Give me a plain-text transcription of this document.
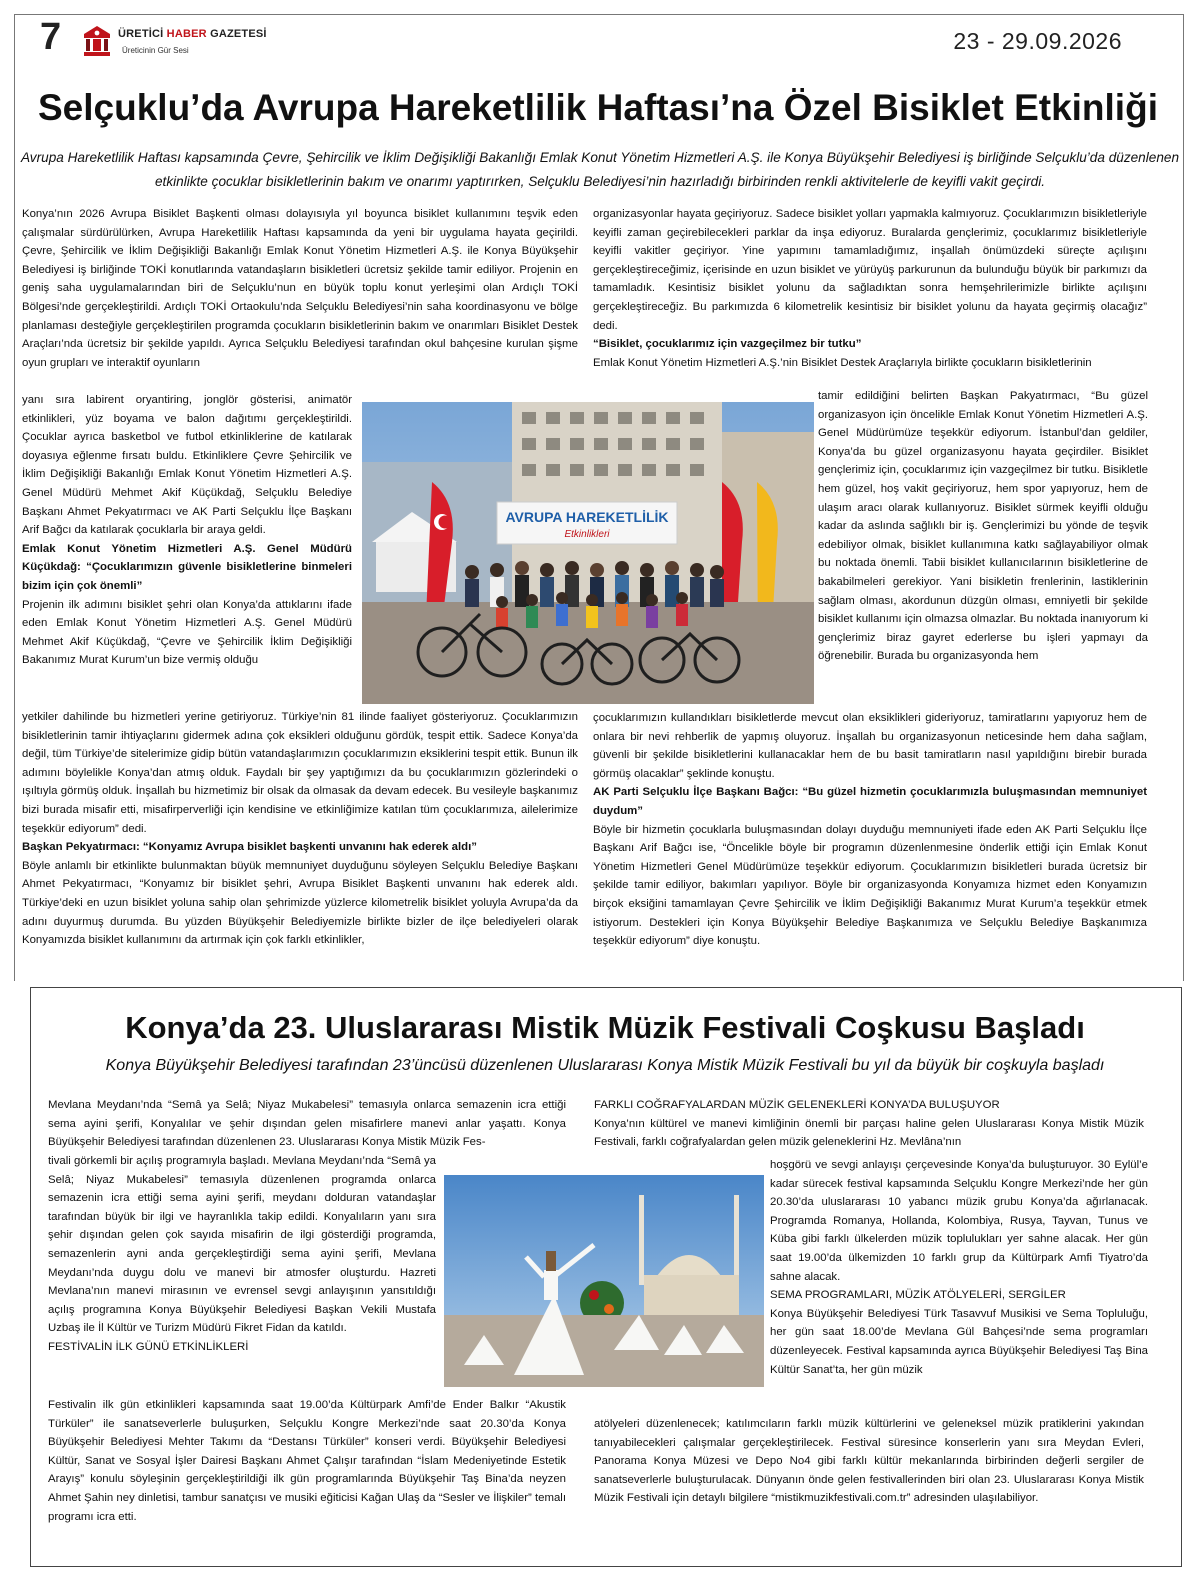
7	ÜRETİCİ HABER GAZETESİ
Üreticinin Gür Sesi	23 - 29.09.2026
Selçuklu’da Avrupa Hareketlilik Haftası’na Özel Bisiklet Etkinliği
Avrupa Hareketlilik Haftası kapsamında Çevre, Şehircilik ve İklim Değişikliği Bakanlığı Emlak Konut Yönetim Hizmetleri A.Ş. ile Konya Büyükşehir Belediyesi iş birliğinde Selçuklu’da düzenlenen etkinlikte çocuklar bisikletlerinin bakım ve onarımı yaptırırken, Selçuklu Belediyesi’nin hazırladığı birbirinden renkli aktivitelerle de keyifli vakit geçirdi.

Konya’nın 2026 Avrupa Bisiklet Başkenti olması dolayısıyla yıl boyunca bisiklet kullanımını teşvik eden çalışmalar sürdürülürken, Avrupa Hareketlilik Haftası kapsamında da yeni bir uygulama hayata geçirildi. Çevre, Şehircilik ve İklim Değişikliği Bakanlığı Emlak Konut Yönetim Hizmetleri A.Ş. ile Konya Büyükşehir Belediyesi iş birliğinde TOKİ konutlarında vatandaşların bisikletleri ücretsiz şekilde tamir ediliyor. Projenin en geniş saha uygulamalarından biri de Selçuklu’nun en büyük toplu konut yerleşimi olan Ardıçlı TOKİ Bölgesi’nde gerçekleştirildi. Ardıçlı TOKİ Ortaokulu’nda Selçuklu Belediyesi’nin saha koordinasyonu ve bölge planlaması desteğiyle gerçekleştirilen programda çocukların bisikletlerinin bakım ve onarımları Bisiklet Destek Araçları’nda ücretsiz bir şekilde yapıldı. Ayrıca Selçuklu Belediyesi tarafından okul bahçesine kurulan şişme oyun grupları ve interaktif oyunların

yanı sıra labirent oryantiring, jonglör gösterisi, animatör etkinlikleri, yüz boyama ve balon dağıtımı gerçekleştirildi. Çocuklar ayrıca basketbol ve futbol etkinliklerine de katılarak doyasıya eğlenme fırsatı buldu. Etkinliklere Çevre Şehircilik ve İklim Değişikliği Bakanlığı Emlak Konut Yönetim Hizmetleri A.Ş. Genel Müdürü Mehmet Akif Küçükdağ, Selçuklu Belediye Başkanı Ahmet Pekyatırmacı ve AK Parti Selçuklu İlçe Başkanı Arif Bağcı da katılarak çocuklarla bir araya geldi.

Emlak Konut Yönetim Hizmetleri A.Ş. Genel Müdürü Küçükdağ: “Çocuklarımızın güvenle bisikletlerine binmeleri bizim için çok önemli”

Projenin ilk adımını bisiklet şehri olan Konya’da attıklarını ifade eden Emlak Konut Yönetim Hizmetleri A.Ş. Genel Müdürü Mehmet Akif Küçükdağ, “Çevre ve Şehircilik İklim Değişikliği Bakanımız Murat Kurum’un bize vermiş olduğu

yetkiler dahilinde bu hizmetleri yerine getiriyoruz. Türkiye’nin 81 ilinde faaliyet gösteriyoruz. Çocuklarımızın bisikletlerinin tamir ihtiyaçlarını gidermek adına çok eksikleri olduğunu gördük, tespit ettik. Sadece Konya’da değil, tüm Türkiye’de sitelerimize gidip bütün vatandaşlarımızın çocuklarımızın eksiklerini tespit ettik. Bunun ilk adımını böylelikle Konya’dan atmış olduk. Faydalı bir şey yaptığımızı da bu çocuklarımızın gözlerindeki o ışıltıyla görmüş olduk. İnşallah bu hizmetimiz bir olsak da olmasak da devam edecek. Bu vesileyle başkanımız bizi burada misafir etti, misafirperverliği için kendisine ve etkinliğimize katılan tüm çocuklarımıza, ailelerimize teşekkür ediyorum” dedi.

Başkan Pekyatırmacı: “Konyamız Avrupa bisiklet başkenti unvanını hak ederek aldı”

Böyle anlamlı bir etkinlikte bulunmaktan büyük memnuniyet duyduğunu söyleyen Selçuklu Belediye Başkanı Ahmet Pekyatırmacı, “Konyamız bir bisiklet şehri, Avrupa Bisiklet Başkenti unvanını hak ederek aldı. Türkiye’deki en uzun bisiklet yoluna sahip olan şehrimizde yüzlerce kilometrelik bisiklet yoluyla Avrupa’da da adını duyurmuş durumda. Bu yüzden Büyükşehir Belediyemizle birlikte bizler de ilçe belediyeleri olarak Konyamızda bisiklet kullanımını da artırmak için çok farklı etkinlikler,

organizasyonlar hayata geçiriyoruz. Sadece bisiklet yolları yapmakla kalmıyoruz. Çocuklarımızın bisikletleriyle keyifli zaman geçirebilecekleri parklar da inşa ediyoruz. Buralarda gençlerimiz, çocuklarımız bisikletleriyle keyifli vakitler geçiriyor. Yine yapımını tamamladığımız, inşallah önümüzdeki süreçte açılışını gerçekleştireceğimiz, içerisinde en uzun bisiklet ve yürüyüş parkurunun da bulunduğu büyük bir parkımızı da tamamladık. Kesintisiz bisiklet yolunu da sağladıktan sonra hemşehrilerimizle birlikte açılışını gerçekleştireceğiz. Bu parkımızda 6 kilometrelik kesintisiz bir bisiklet yolunu da hayata geçirmiş olacağız” dedi.

“Bisiklet, çocuklarımız için vazgeçilmez bir tutku”

Emlak Konut Yönetim Hizmetleri A.Ş.’nin Bisiklet Destek Araçlarıyla birlikte çocukların bisikletlerinin

tamir edildiğini belirten Başkan Pakyatırmacı, “Bu güzel organizasyon için öncelikle Emlak Konut Yönetim Hizmetleri A.Ş. Genel Müdürümüze teşekkür ediyorum. İstanbul’dan geldiler, Konya’da bu güzel organizasyonu hayata geçirdiler. Bisiklet gençlerimiz için, çocuklarımız için vazgeçilmez bir tutku. Bisikletle hem güzel, hoş vakit geçiriyoruz, hem spor yapıyoruz, hem de ulaşım aracı olarak kullanıyoruz. Bisiklet sürmek keyifli olduğu kadar da aslında sağlıklı bir iş. Gençlerimizi bu yönde de teşvik edebiliyor olmak, bisiklet kullanımına katkı sağlayabiliyor olmak bu noktada önemli. Tabii bisiklet kullanıcılarının bisikletlerine de bakabilmeleri gerekiyor. Yani bisikletin frenlerinin, lastiklerinin sağlam olması, akordunun düzgün olması, emniyetli bir şekilde bisiklet kullanımı için olmazsa olmazlar. Bu noktada inanıyorum ki gençlerimiz biraz gayret ederlerse bu işleri yapmayı da öğrenebilir. Burada bu organizasyonda hem

çocuklarımızın kullandıkları bisikletlerde mevcut olan eksiklikleri gideriyoruz, tamiratlarını yapıyoruz hem de onlara bir nevi rehberlik de yapmış oluyoruz. İnşallah bu organizasyonun neticesinde hem daha sağlam, güvenli bir şekilde bisikletlerini kullanacaklar hem de bu basit tamiratların nasıl yapıldığını birebir burada görmüş olacaklar” şeklinde konuştu.

AK Parti Selçuklu İlçe Başkanı Bağcı: “Bu güzel hizmetin çocuklarımızla buluşmasından memnuniyet duydum”

Böyle bir hizmetin çocuklarla buluşmasından dolayı duyduğu memnuniyeti ifade eden AK Parti Selçuklu İlçe Başkanı Arif Bağcı ise, “Öncelikle böyle bir programın düzenlenmesine önderlik ettiği için Emlak Konut Yönetim Hizmetleri Genel Müdürümüze teşekkür ediyorum. Çocuklarımızın bisikletleri burada ücretsiz bir şekilde tamir ediliyor, bakımları yapılıyor. Böyle bir organizasyonda Konyamıza hizmet eden Konyamızın birçok eksiğini tamamlayan Çevre Şehircilik ve İklim Değişikliği Bakanımız Murat Kurum’a teşekkür etmek istiyorum. Destekleri için Konya Büyükşehir Belediye Başkanımıza ve Selçuklu Belediye Başkanımıza teşekkür ediyorum” diye konuştu.

AVRUPA HAREKETLİLİK
Etkinlikleri
Konya’da 23. Uluslararası Mistik Müzik Festivali Coşkusu Başladı
Konya Büyükşehir Belediyesi tarafından 23’üncüsü düzenlenen Uluslararası Konya Mistik Müzik Festivali bu yıl da büyük bir coşkuyla başladı

Mevlana Meydanı’nda “Semâ ya Selâ; Niyaz Mukabelesi” temasıyla onlarca semazenin icra ettiği sema ayini şerifi, Konyalılar ve şehir dışından gelen misafirlere manevi anlar yaşattı. Konya Büyükşehir Belediyesi tarafından düzenlenen 23. Uluslararası Konya Mistik Müzik Fes-

tivali görkemli bir açılış programıyla başladı. Mevlana Meydanı’nda “Semâ ya Selâ; Niyaz Mukabelesi” temasıyla düzenlenen programda onlarca semazenin icra ettiği sema ayini şerifi, meydanı dolduran vatandaşlar tarafından büyük bir ilgi ve hayranlıkla takip edildi. Konyalıların yanı sıra şehir dışından gelen çok sayıda misafirin de ilgi gösterdiği programda, semazenlerin ayni anda gerçekleştirdiği sema ayini şerifi, Mevlana Meydanı’nda duygu dolu ve manevi bir atmosfer oluşturdu. Hazreti Mevlana’nın manevi mirasının ve evrensel sevgi anlayışının yansıtıldığı açılış programına Konya Büyükşehir Belediyesi Başkan Vekili Mustafa Uzbaş ile İl Kültür ve Turizm Müdürü Fikret Fidan da katıldı.

FESTİVALİN İLK GÜNÜ ETKİNLİKLERİ

Festivalin ilk gün etkinlikleri kapsamında saat 19.00’da Kültürpark Amfi’de Ender Balkır “Akustik Türküler” ile sanatseverlerle buluşurken, Selçuklu Kongre Merkezi’nde saat 20.30’da Konya Büyükşehir Belediyesi Mehter Takımı da “Destansı Türküler” konseri verdi. Büyükşehir Belediyesi Kültür, Sanat ve Sosyal İşler Dairesi Başkanı Ahmet Çalışır tarafından “İslam Medeniyetinde Estetik Arayış” konulu söyleşinin gerçekleştirildiği ilk gün programlarında Büyükşehir Taş Bina’da neyzen Ahmet Şahin ney dinletisi, tambur sanatçısı ve musiki eğiticisi Kağan Ulaş da “Sesler ve İlişkiler” temalı programı icra etti.

FARKLI COĞRAFYALARDAN MÜZİK GELENEKLERİ KONYA’DA BULUŞUYOR

Konya’nın kültürel ve manevi kimliğinin önemli bir parçası haline gelen Uluslararası Konya Mistik Müzik Festivali, farklı coğrafyalardan gelen müzik geleneklerini Hz. Mevlâna’nın

hoşgörü ve sevgi anlayışı çerçevesinde Konya’da buluşturuyor. 30 Eylül’e kadar sürecek festival kapsamında Selçuklu Kongre Merkezi’nde her gün 20.30’da uluslararası 10 yabancı müzik grubu Konya’da ağırlanacak. Programda Romanya, Hollanda, Kolombiya, Rusya, Tayvan, Tunus ve Küba gibi farklı ülkelerden müzik toplulukları yer sahne alacak. Her gün saat 19.00’da ülkemizden 10 farklı grup da Kültürpark Amfi Tiyatro’da sahne alacak.

SEMA PROGRAMLARI, MÜZİK ATÖLYELERİ, SERGİLER

Konya Büyükşehir Belediyesi Türk Tasavvuf Musikisi ve Sema Topluluğu, her gün saat 18.00’de Mevlana Gül Bahçesi’nde sema programları düzenleyecek. Festival kapsamında ayrıca Büyükşehir Belediyesi Taş Bina Kültür Sanat’ta, her gün müzik

atölyeleri düzenlenecek; katılımcıların farklı müzik kültürlerini ve geleneksel müzik pratiklerini yakından tanıyabilecekleri çalışmalar gerçekleştirilecek. Festival süresince konserlerin yanı sıra Meydan Evleri, Panorama Konya Müzesi ve Depo No4 gibi farklı kültür mekanlarında birbirinden değerli sergiler de sanatseverlerle buluşturulacak. Dünyanın önde gelen festivallerinden biri olan 23. Uluslararası Konya Mistik Müzik Festivali için detaylı bilgilere “mistikmuzikfestivali.com.tr” adresinden ulaşılabiliyor.
